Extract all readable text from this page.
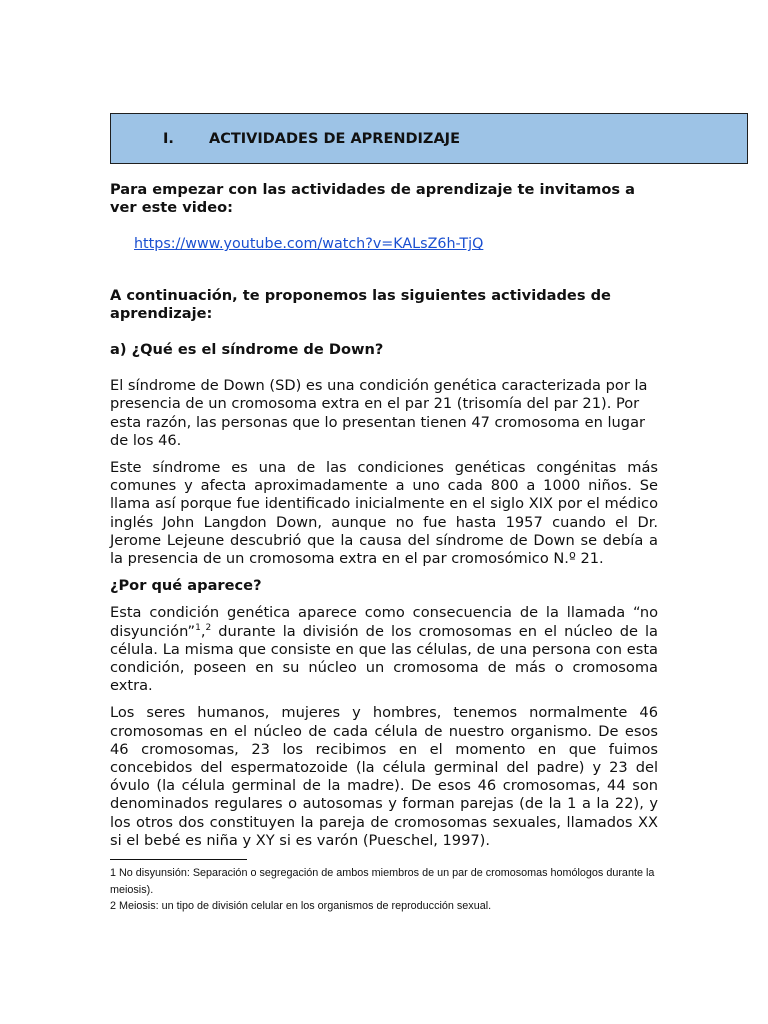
I.	ACTIVIDADES DE APRENDIZAJE

Para empezar con las actividades de aprendizaje te invitamos a ver este video:

https://www.youtube.com/watch?v=KALsZ6h-TjQ

A continuación, te proponemos las siguientes actividades de aprendizaje:

a) ¿Qué es el síndrome de Down?

El síndrome de Down (SD) es una condición genética caracterizada por la presencia de un cromosoma extra en el par 21 (trisomía del par 21). Por esta razón, las personas que lo presentan tienen 47 cromosoma en lugar de los 46.

Este síndrome es una de las condiciones genéticas congénitas más comunes y afecta aproximadamente a uno cada 800 a 1000 niños. Se llama así porque fue identificado inicialmente en el siglo XIX por el médico inglés John Langdon Down, aunque no fue hasta 1957 cuando el Dr. Jerome Lejeune descubrió que la causa del síndrome de Down se debía a la presencia de un cromosoma extra en el par cromosómico N.º 21.

¿Por qué aparece?

Esta condición genética aparece como consecuencia de la llamada “no disyunción”$^1$,$^2$ durante la división de los cromosomas en el núcleo de la célula. La misma que consiste en que las células, de una persona con esta condición, poseen en su núcleo un cromosoma de más o cromosoma extra.

Los seres humanos, mujeres y hombres, tenemos normalmente 46 cromosomas en el núcleo de cada célula de nuestro organismo. De esos 46 cromosomas, 23 los recibimos en el momento en que fuimos concebidos del espermatozoide (la célula germinal del padre) y 23 del óvulo (la célula germinal de la madre). De esos 46 cromosomas, 44 son denominados regulares o autosomas y forman parejas (de la 1 a la 22), y los otros dos constituyen la pareja de cromosomas sexuales, llamados XX si el bebé es niña y XY si es varón (Pueschel, 1997).

1 No disyunsión: Separación o segregación de ambos miembros de un par de cromosomas homólogos durante la meiosis).
2 Meiosis: un tipo de división celular en los organismos de reproducción sexual.
